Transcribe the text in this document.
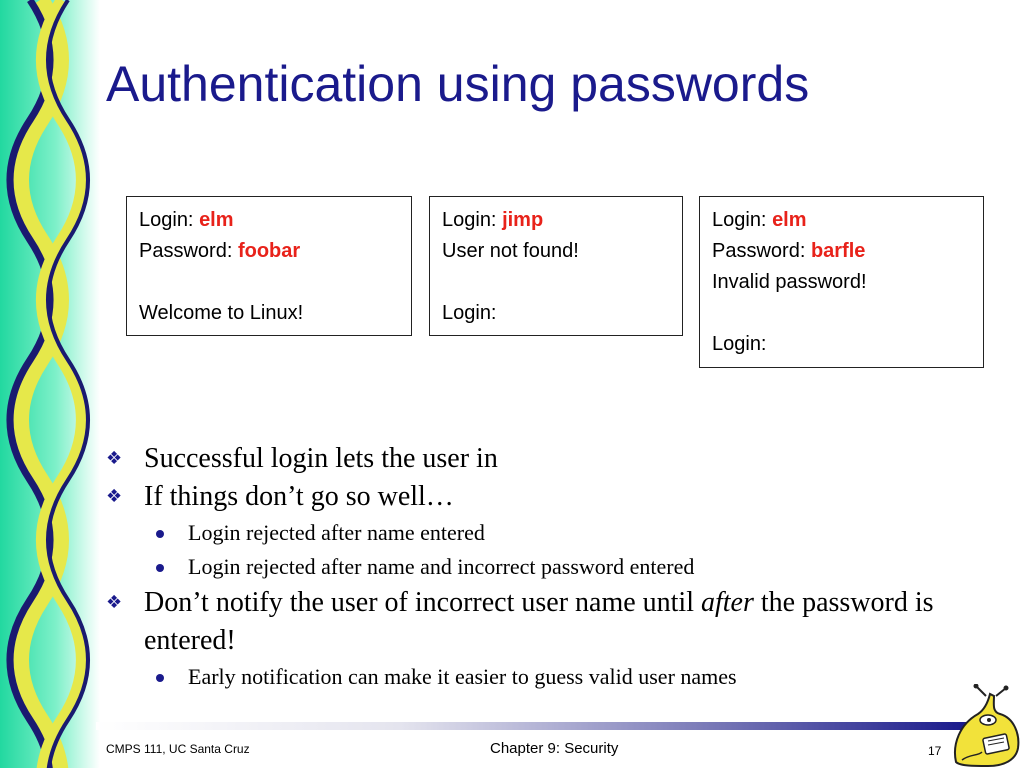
Authentication using passwords
Login: elm
Password: foobar
Welcome to Linux!
Login: jimp
User not found!
Login:
Login: elm
Password: barfle
Invalid password!
Login:
❖ Successful login lets the user in
❖ If things don’t go so well…
Login rejected after name entered
Login rejected after name and incorrect password entered
❖ Don’t notify the user of incorrect user name until after the password is entered!
Early notification can make it easier to guess valid user names
CMPS 111, UC Santa Cruz	Chapter 9: Security	17
